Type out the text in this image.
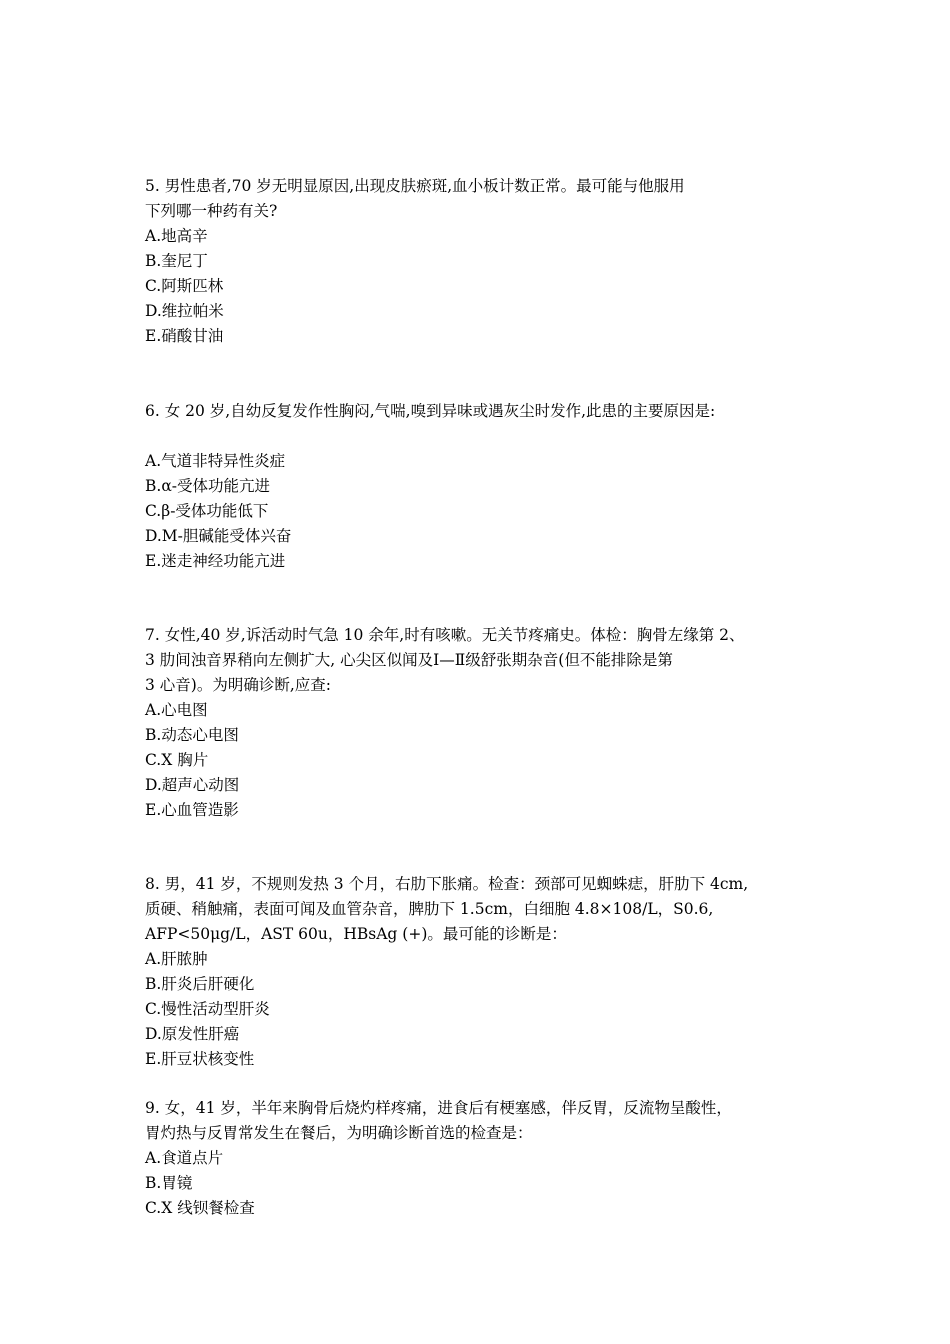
5. 男性患者,70 岁无明显原因,出现皮肤瘀斑,血小板计数正常。最可能与他服用
下列哪一种药有关?
A.地高辛
B.奎尼丁
C.阿斯匹林
D.维拉帕米
E.硝酸甘油
6. 女 20 岁,自幼反复发作性胸闷,气喘,嗅到异味或遇灰尘时发作,此患的主要原因是:
A.气道非特异性炎症
B.α-受体功能亢进
C.β-受体功能低下
D.M-胆碱能受体兴奋
E.迷走神经功能亢进
7. 女性,40 岁,诉活动时气急 10 余年,时有咳嗽。无关节疼痛史。体检：胸骨左缘第 2、
3 肋间浊音界稍向左侧扩大, 心尖区似闻及Ⅰ—Ⅱ级舒张期杂音(但不能排除是第
3 心音)。为明确诊断,应查:
A.心电图
B.动态心电图
C.X 胸片
D.超声心动图
E.心血管造影
8. 男，41 岁，不规则发热 3 个月，右肋下胀痛。检查：颈部可见蜘蛛痣，肝肋下 4cm,
质硬、稍触痛，表面可闻及血管杂音，脾肋下 1.5cm，白细胞 4.8×108/L，S0.6,
AFP<50μg/L，AST 60u，HBsAg (+)。最可能的诊断是：
A.肝脓肿
B.肝炎后肝硬化
C.慢性活动型肝炎
D.原发性肝癌
E.肝豆状核变性
9. 女，41 岁，半年来胸骨后烧灼样疼痛，进食后有梗塞感，伴反胃，反流物呈酸性，
胃灼热与反胃常发生在餐后，为明确诊断首选的检查是：
A.食道点片
B.胃镜
C.X 线钡餐检查
